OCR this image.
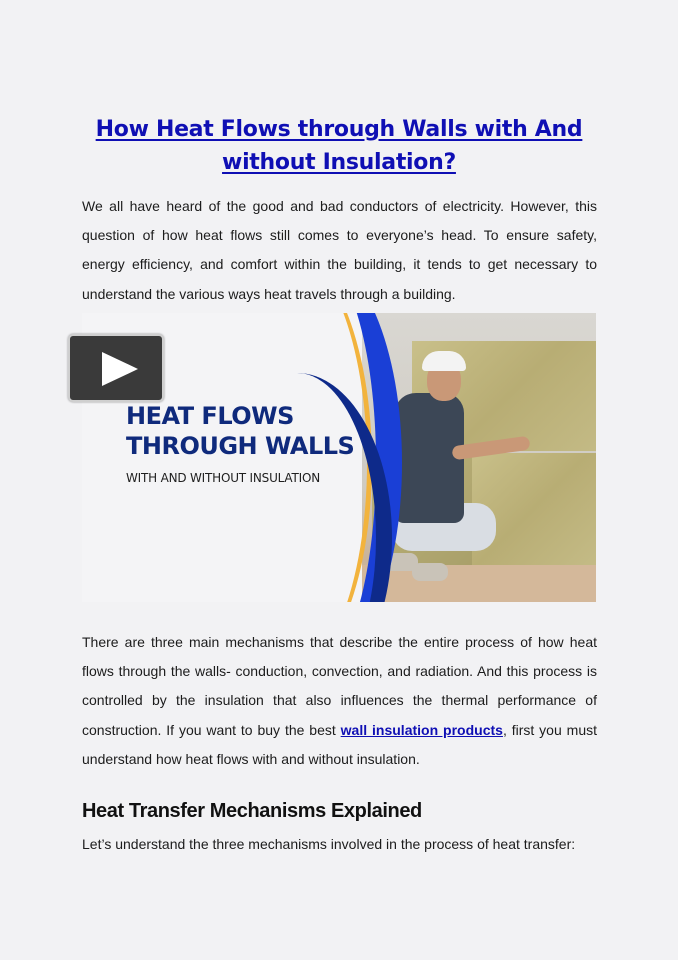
How Heat Flows through Walls with And without Insulation?

We all have heard of the good and bad conductors of electricity. However, this question of how heat flows still comes to everyone’s head. To ensure safety, energy efficiency, and comfort within the building, it tends to get necessary to understand the various ways heat travels through a building.

HEAT FLOWS
THROUGH WALLS
WITH AND WITHOUT INSULATION

There are three main mechanisms that describe the entire process of how heat flows through the walls- conduction, convection, and radiation. And this process is controlled by the insulation that also influences the thermal performance of construction. If you want to buy the best wall insulation products, first you must understand how heat flows with and without insulation.

Heat Transfer Mechanisms Explained

Let’s understand the three mechanisms involved in the process of heat transfer:
